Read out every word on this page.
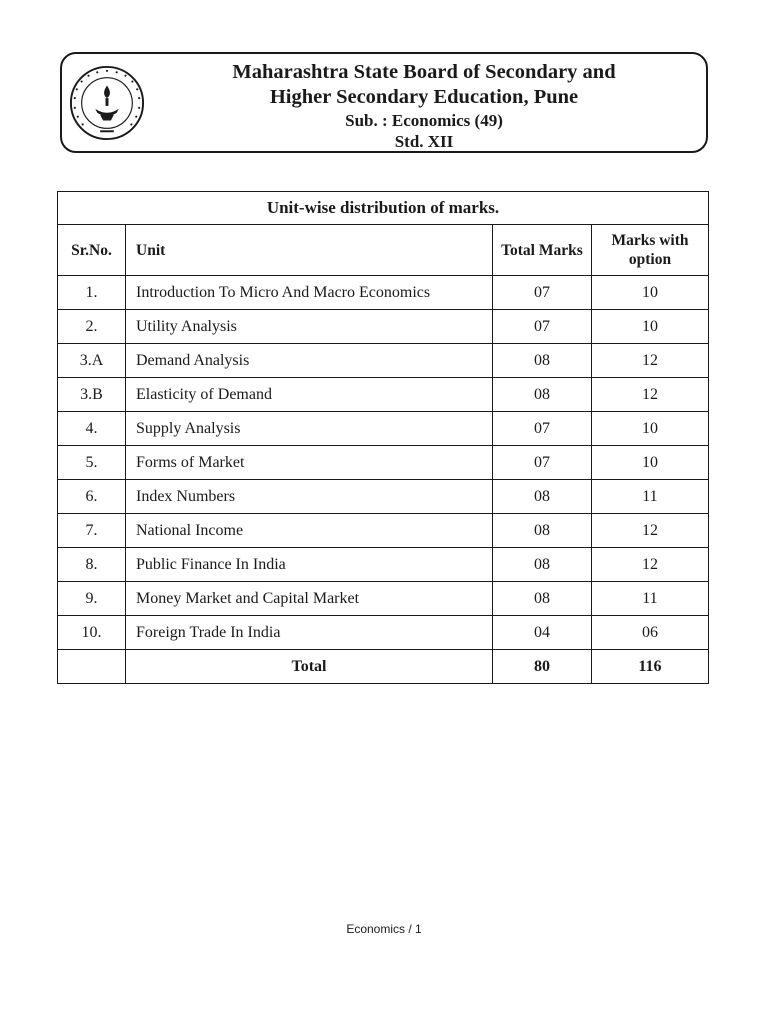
Maharashtra State Board of Secondary and
Higher Secondary Education, Pune
Sub. : Economics (49)
Std. XII
Unit-wise distribution of marks.			
Sr.No.	Unit	Total Marks	Marks with option
1.	Introduction To Micro And Macro Economics	07	10
2.	Utility Analysis	07	10
3.A	Demand Analysis	08	12
3.B	Elasticity of Demand	08	12
4.	Supply Analysis	07	10
5.	Forms of Market	07	10
6.	Index Numbers	08	11
7.	National Income	08	12
8.	Public Finance In India	08	12
9.	Money Market and Capital Market	08	11
10.	Foreign Trade In India	04	06
	Total	80	116
Economics / 1
